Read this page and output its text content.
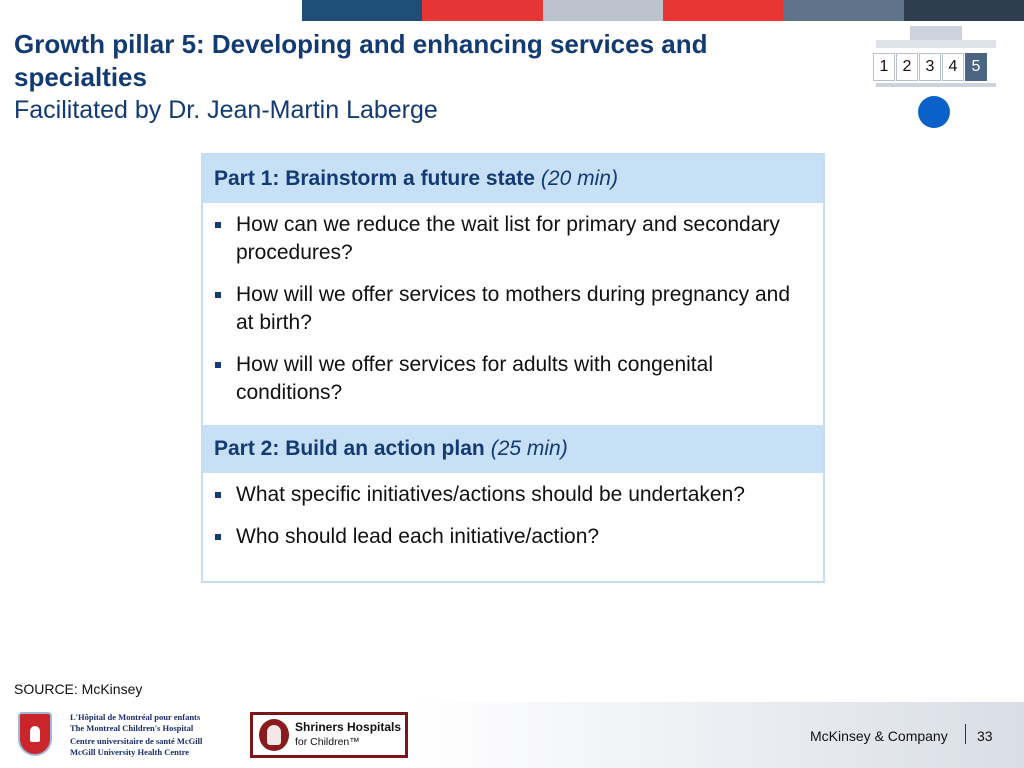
Growth pillar 5: Developing and enhancing services and specialties

Facilitated by Dr. Jean-Martin Laberge

1 2 3 4 5
Part 1: Brainstorm a future state (20 min)
How can we reduce the wait list for primary and secondary procedures?
How will we offer services to mothers during pregnancy and at birth?
How will we offer services for adults with congenital conditions?
Part 2: Build an action plan (25 min)
What specific initiatives/actions should be undertaken?
Who should lead each initiative/action?
SOURCE: McKinsey
L'Hôpital de Montréal pour enfants
The Montreal Children's Hospital
Centre universitaire de santé McGill
McGill University Health Centre
Shriners Hospitals
for Children™	McKinsey & Company 33
